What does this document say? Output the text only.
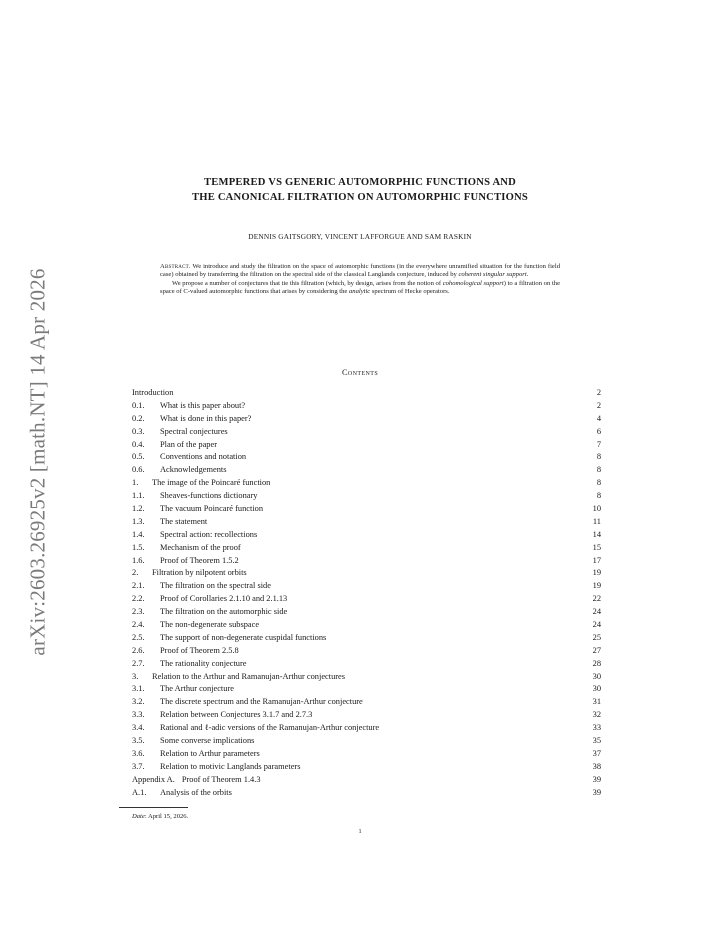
arXiv:2603.26925v2 [math.NT] 14 Apr 2026
TEMPERED VS GENERIC AUTOMORPHIC FUNCTIONS AND
THE CANONICAL FILTRATION ON AUTOMORPHIC FUNCTIONS
DENNIS GAITSGORY, VINCENT LAFFORGUE AND SAM RASKIN

Abstract. We introduce and study the filtration on the space of automorphic functions (in the everywhere unramified situation for the function field case) obtained by transferring the filtration on the spectral side of the classical Langlands conjecture, induced by coherent singular support.

We propose a number of conjectures that tie this filtration (which, by design, arises from the notion of cohomological support) to a filtration on the space of C-valued automorphic functions that arises by considering the analytic spectrum of Hecke operators.

Contents
Introduction	2
0.1. What is this paper about?	2
0.2. What is done in this paper?	4
0.3. Spectral conjectures	6
0.4. Plan of the paper	7
0.5. Conventions and notation	8
0.6. Acknowledgements	8
1. The image of the Poincaré function	8
1.1. Sheaves-functions dictionary	8
1.2. The vacuum Poincaré function	10
1.3. The statement	11
1.4. Spectral action: recollections	14
1.5. Mechanism of the proof	15
1.6. Proof of Theorem 1.5.2	17
2. Filtration by nilpotent orbits	19
2.1. The filtration on the spectral side	19
2.2. Proof of Corollaries 2.1.10 and 2.1.13	22
2.3. The filtration on the automorphic side	24
2.4. The non-degenerate subspace	24
2.5. The support of non-degenerate cuspidal functions	25
2.6. Proof of Theorem 2.5.8	27
2.7. The rationality conjecture	28
3. Relation to the Arthur and Ramanujan-Arthur conjectures	30
3.1. The Arthur conjecture	30
3.2. The discrete spectrum and the Ramanujan-Arthur conjecture	31
3.3. Relation between Conjectures 3.1.7 and 2.7.3	32
3.4. Rational and ℓ-adic versions of the Ramanujan-Arthur conjecture	33
3.5. Some converse implications	35
3.6. Relation to Arthur parameters	37
3.7. Relation to motivic Langlands parameters	38
Appendix A. Proof of Theorem 1.4.3	39
A.1. Analysis of the orbits	39
Date: April 15, 2026.
1
